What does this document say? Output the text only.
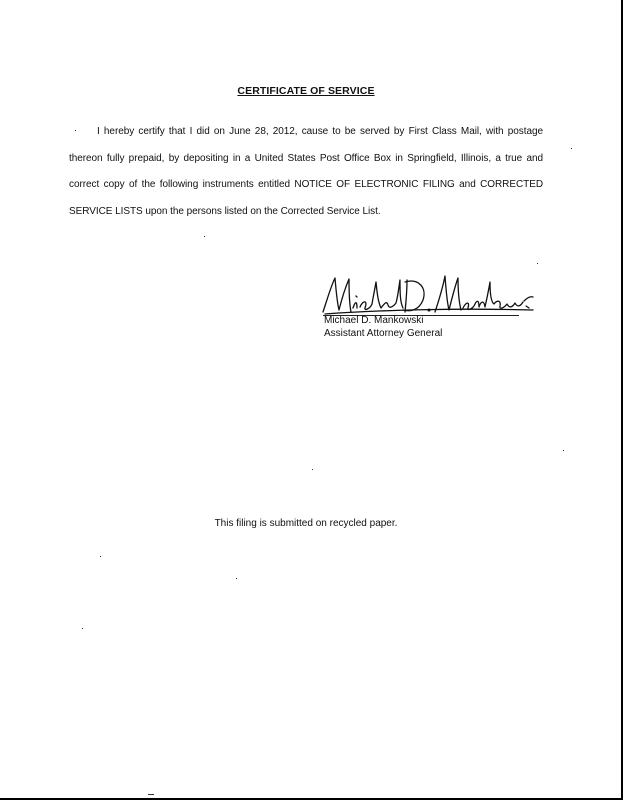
CERTIFICATE OF SERVICE

I hereby certify that I did on June 28, 2012, cause to be served by First Class Mail, with postage thereon fully prepaid, by depositing in a United States Post Office Box in Springfield, Illinois, a true and correct copy of the following instruments entitled NOTICE OF ELECTRONIC FILING and CORRECTED SERVICE LISTS upon the persons listed on the Corrected Service List.

Michael D. Mankowski
Assistant Attorney General
This filing is submitted on recycled paper.
